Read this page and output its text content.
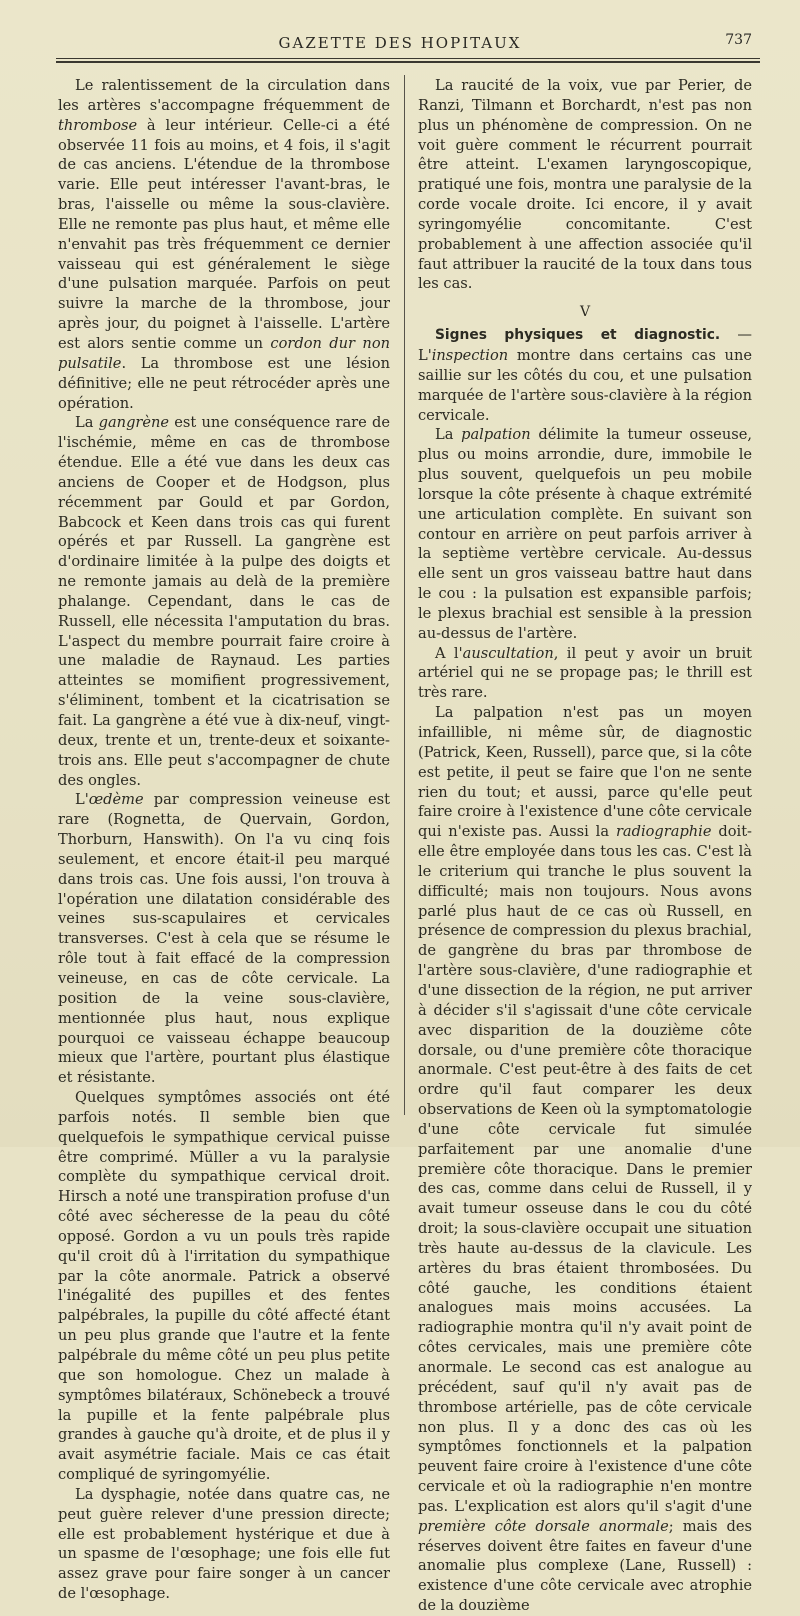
GAZETTE DES HOPITAUX	737

Le ralentissement de la circulation dans les artères s'accompagne fréquemment de thrombose à leur intérieur. Celle-ci a été observée 11 fois au moins, et 4 fois, il s'agit de cas anciens. L'étendue de la thrombose varie. Elle peut intéresser l'avant-bras, le bras, l'aisselle ou même la sous-clavière. Elle ne remonte pas plus haut, et même elle n'envahit pas très fréquemment ce dernier vaisseau qui est généralement le siège d'une pulsation marquée. Parfois on peut suivre la marche de la thrombose, jour après jour, du poignet à l'aisselle. L'artère est alors sentie comme un cordon dur non pulsatile. La thrombose est une lésion définitive; elle ne peut rétrocéder après une opération.

La gangrène est une conséquence rare de l'ischémie, même en cas de thrombose étendue. Elle a été vue dans les deux cas anciens de Cooper et de Hodgson, plus récemment par Gould et par Gordon, Babcock et Keen dans trois cas qui furent opérés et par Russell. La gangrène est d'ordinaire limitée à la pulpe des doigts et ne remonte jamais au delà de la première phalange. Cependant, dans le cas de Russell, elle nécessita l'amputation du bras. L'aspect du membre pourrait faire croire à une maladie de Raynaud. Les parties atteintes se momifient progressivement, s'éliminent, tombent et la cicatrisation se fait. La gangrène a été vue à dix-neuf, vingt-deux, trente et un, trente-deux et soixante-trois ans. Elle peut s'accompagner de chute des ongles.

L'œdème par compression veineuse est rare (Rognetta, de Quervain, Gordon, Thorburn, Hanswith). On l'a vu cinq fois seulement, et encore était-il peu marqué dans trois cas. Une fois aussi, l'on trouva à l'opération une dilatation considérable des veines sus-scapulaires et cervicales transverses. C'est à cela que se résume le rôle tout à fait effacé de la compression veineuse, en cas de côte cervicale. La position de la veine sous-clavière, mentionnée plus haut, nous explique pourquoi ce vaisseau échappe beaucoup mieux que l'artère, pourtant plus élastique et résistante.

Quelques symptômes associés ont été parfois notés. Il semble bien que quelquefois le sympathique cervical puisse être comprimé. Müller a vu la paralysie complète du sympathique cervical droit. Hirsch a noté une transpiration profuse d'un côté avec sécheresse de la peau du côté opposé. Gordon a vu un pouls très rapide qu'il croit dû à l'irritation du sympathique par la côte anormale. Patrick a observé l'inégalité des pupilles et des fentes palpébrales, la pupille du côté affecté étant un peu plus grande que l'autre et la fente palpébrale du même côté un peu plus petite que son homologue. Chez un malade à symptômes bilatéraux, Schönebeck a trouvé la pupille et la fente palpébrale plus grandes à gauche qu'à droite, et de plus il y avait asymétrie faciale. Mais ce cas était compliqué de syringomyélie.

La dysphagie, notée dans quatre cas, ne peut guère relever d'une pression directe; elle est probablement hystérique et due à un spasme de l'œsophage; une fois elle fut assez grave pour faire songer à un cancer de l'œsophage.

La raucité de la voix, vue par Perier, de Ranzi, Tilmann et Borchardt, n'est pas non plus un phénomène de compression. On ne voit guère comment le récurrent pourrait être atteint. L'examen laryngoscopique, pratiqué une fois, montra une paralysie de la corde vocale droite. Ici encore, il y avait syringomyélie concomitante. C'est probablement à une affection associée qu'il faut attribuer la raucité de la toux dans tous les cas.

V

Signes physiques et diagnostic. — L'inspection montre dans certains cas une saillie sur les côtés du cou, et une pulsation marquée de l'artère sous-clavière à la région cervicale.

La palpation délimite la tumeur osseuse, plus ou moins arrondie, dure, immobile le plus souvent, quelquefois un peu mobile lorsque la côte présente à chaque extrémité une articulation complète. En suivant son contour en arrière on peut parfois arriver à la septième vertèbre cervicale. Au-dessus elle sent un gros vaisseau battre haut dans le cou : la pulsation est expansible parfois; le plexus brachial est sensible à la pression au-dessus de l'artère.

A l'auscultation, il peut y avoir un bruit artériel qui ne se propage pas; le thrill est très rare.

La palpation n'est pas un moyen infaillible, ni même sûr, de diagnostic (Patrick, Keen, Russell), parce que, si la côte est petite, il peut se faire que l'on ne sente rien du tout; et aussi, parce qu'elle peut faire croire à l'existence d'une côte cervicale qui n'existe pas. Aussi la radiographie doit-elle être employée dans tous les cas. C'est là le criterium qui tranche le plus souvent la difficulté; mais non toujours. Nous avons parlé plus haut de ce cas où Russell, en présence de compression du plexus brachial, de gangrène du bras par thrombose de l'artère sous-clavière, d'une radiographie et d'une dissection de la région, ne put arriver à décider s'il s'agissait d'une côte cervicale avec disparition de la douzième côte dorsale, ou d'une première côte thoracique anormale. C'est peut-être à des faits de cet ordre qu'il faut comparer les deux observations de Keen où la symptomatologie d'une côte cervicale fut simulée parfaitement par une anomalie d'une première côte thoracique. Dans le premier des cas, comme dans celui de Russell, il y avait tumeur osseuse dans le cou du côté droit; la sous-clavière occupait une situation très haute au-dessus de la clavicule. Les artères du bras étaient thrombosées. Du côté gauche, les conditions étaient analogues mais moins accusées. La radiographie montra qu'il n'y avait point de côtes cervicales, mais une première côte anormale. Le second cas est analogue au précédent, sauf qu'il n'y avait pas de thrombose artérielle, pas de côte cervicale non plus. Il y a donc des cas où les symptômes fonctionnels et la palpation peuvent faire croire à l'existence d'une côte cervicale et où la radiographie n'en montre pas. L'explication est alors qu'il s'agit d'une première côte dorsale anormale; mais des réserves doivent être faites en faveur d'une anomalie plus complexe (Lane, Russell) : existence d'une côte cervicale avec atrophie de la douzième
